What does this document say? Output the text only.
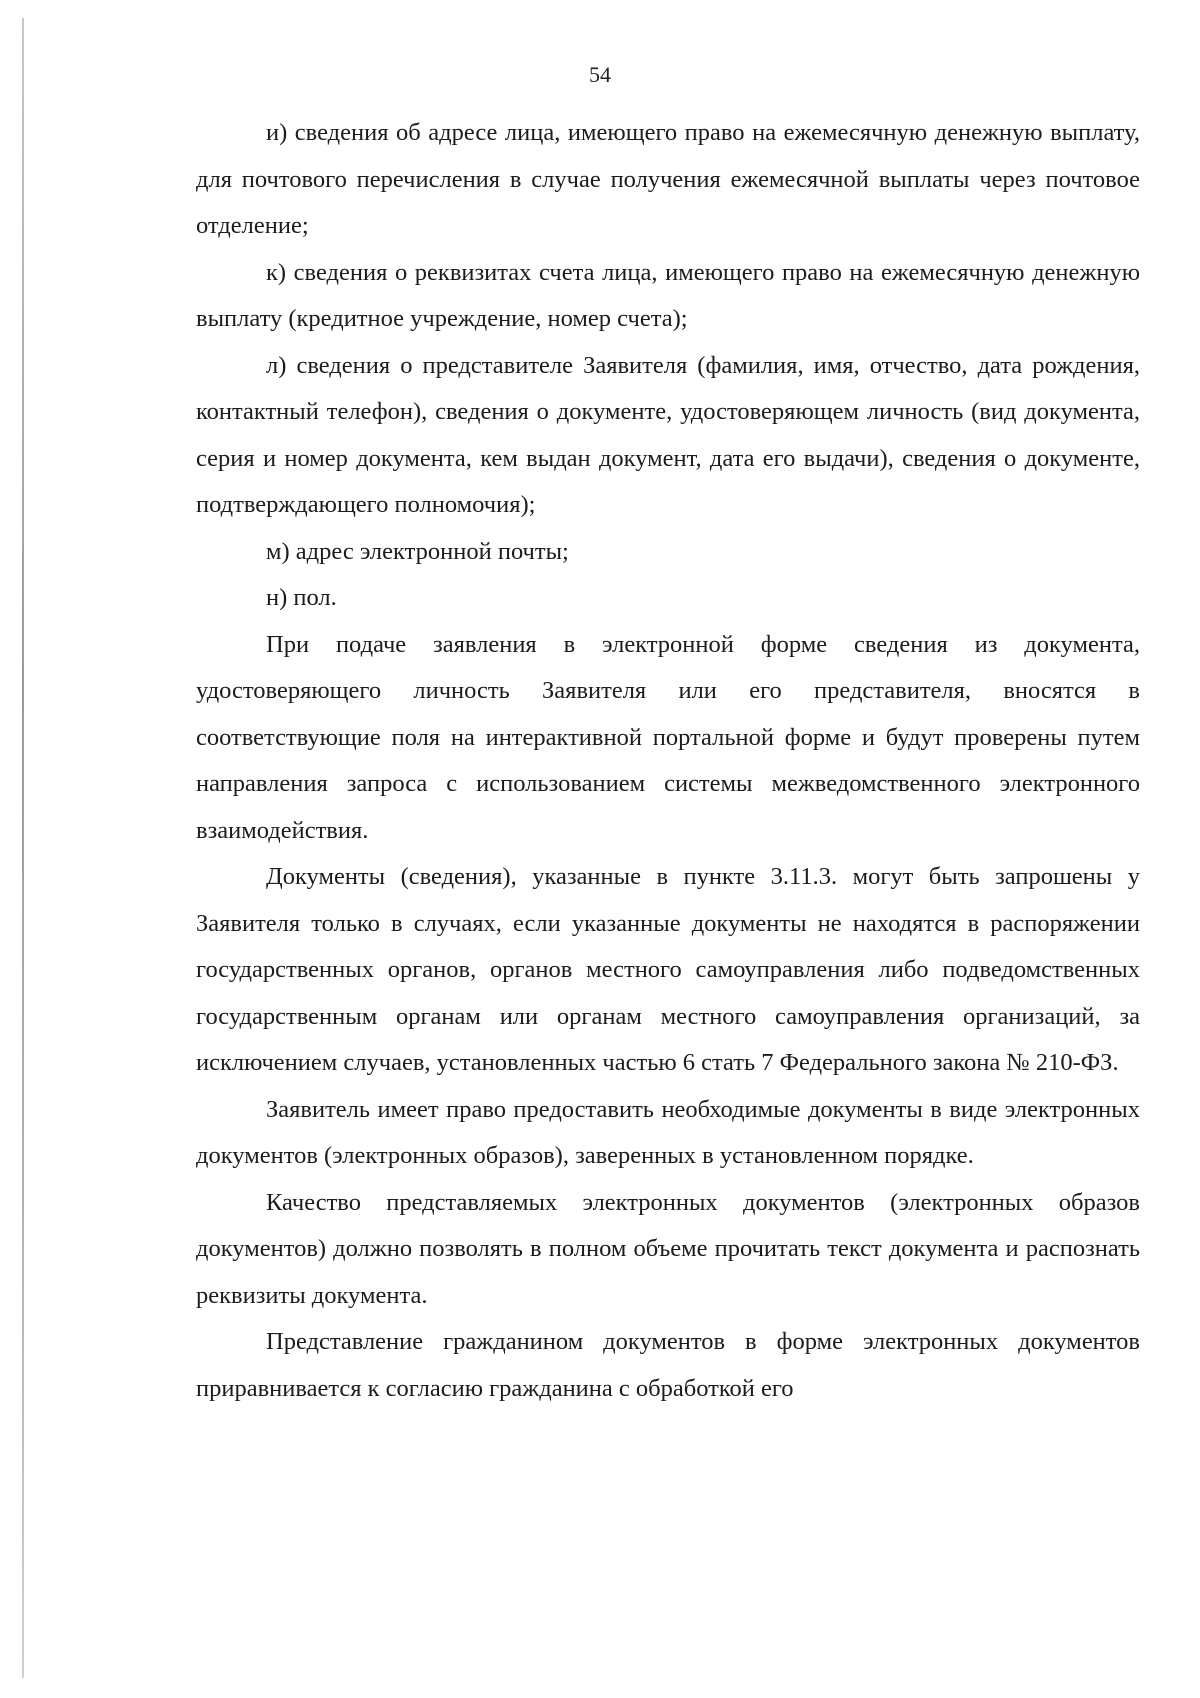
54

и) сведения об адресе лица, имеющего право на ежемесячную денежную выплату, для почтового перечисления в случае получения ежемесячной выплаты через почтовое отделение;

к) сведения о реквизитах счета лица, имеющего право на ежемесячную денежную выплату (кредитное учреждение, номер счета);

л) сведения о представителе Заявителя (фамилия, имя, отчество, дата рождения, контактный телефон), сведения о документе, удостоверяющем личность (вид документа, серия и номер документа, кем выдан документ, дата его выдачи), сведения о документе, подтверждающего полномочия);

м) адрес электронной почты;

н) пол.

При подаче заявления в электронной форме сведения из документа, удостоверяющего личность Заявителя или его представителя, вносятся в соответствующие поля на интерактивной портальной форме и будут проверены путем направления запроса с использованием системы межведомственного электронного взаимодействия.

Документы (сведения), указанные в пункте 3.11.3. могут быть запрошены у Заявителя только в случаях, если указанные документы не находятся в распоряжении государственных органов, органов местного самоуправления либо подведомственных государственным органам или органам местного самоуправления организаций, за исключением случаев, установленных частью 6 стать 7 Федерального закона № 210-ФЗ.

Заявитель имеет право предоставить необходимые документы в виде электронных документов (электронных образов), заверенных в установленном порядке.

Качество представляемых электронных документов (электронных образов документов) должно позволять в полном объеме прочитать текст документа и распознать реквизиты документа.

Представление гражданином документов в форме электронных документов приравнивается к согласию гражданина с обработкой его
